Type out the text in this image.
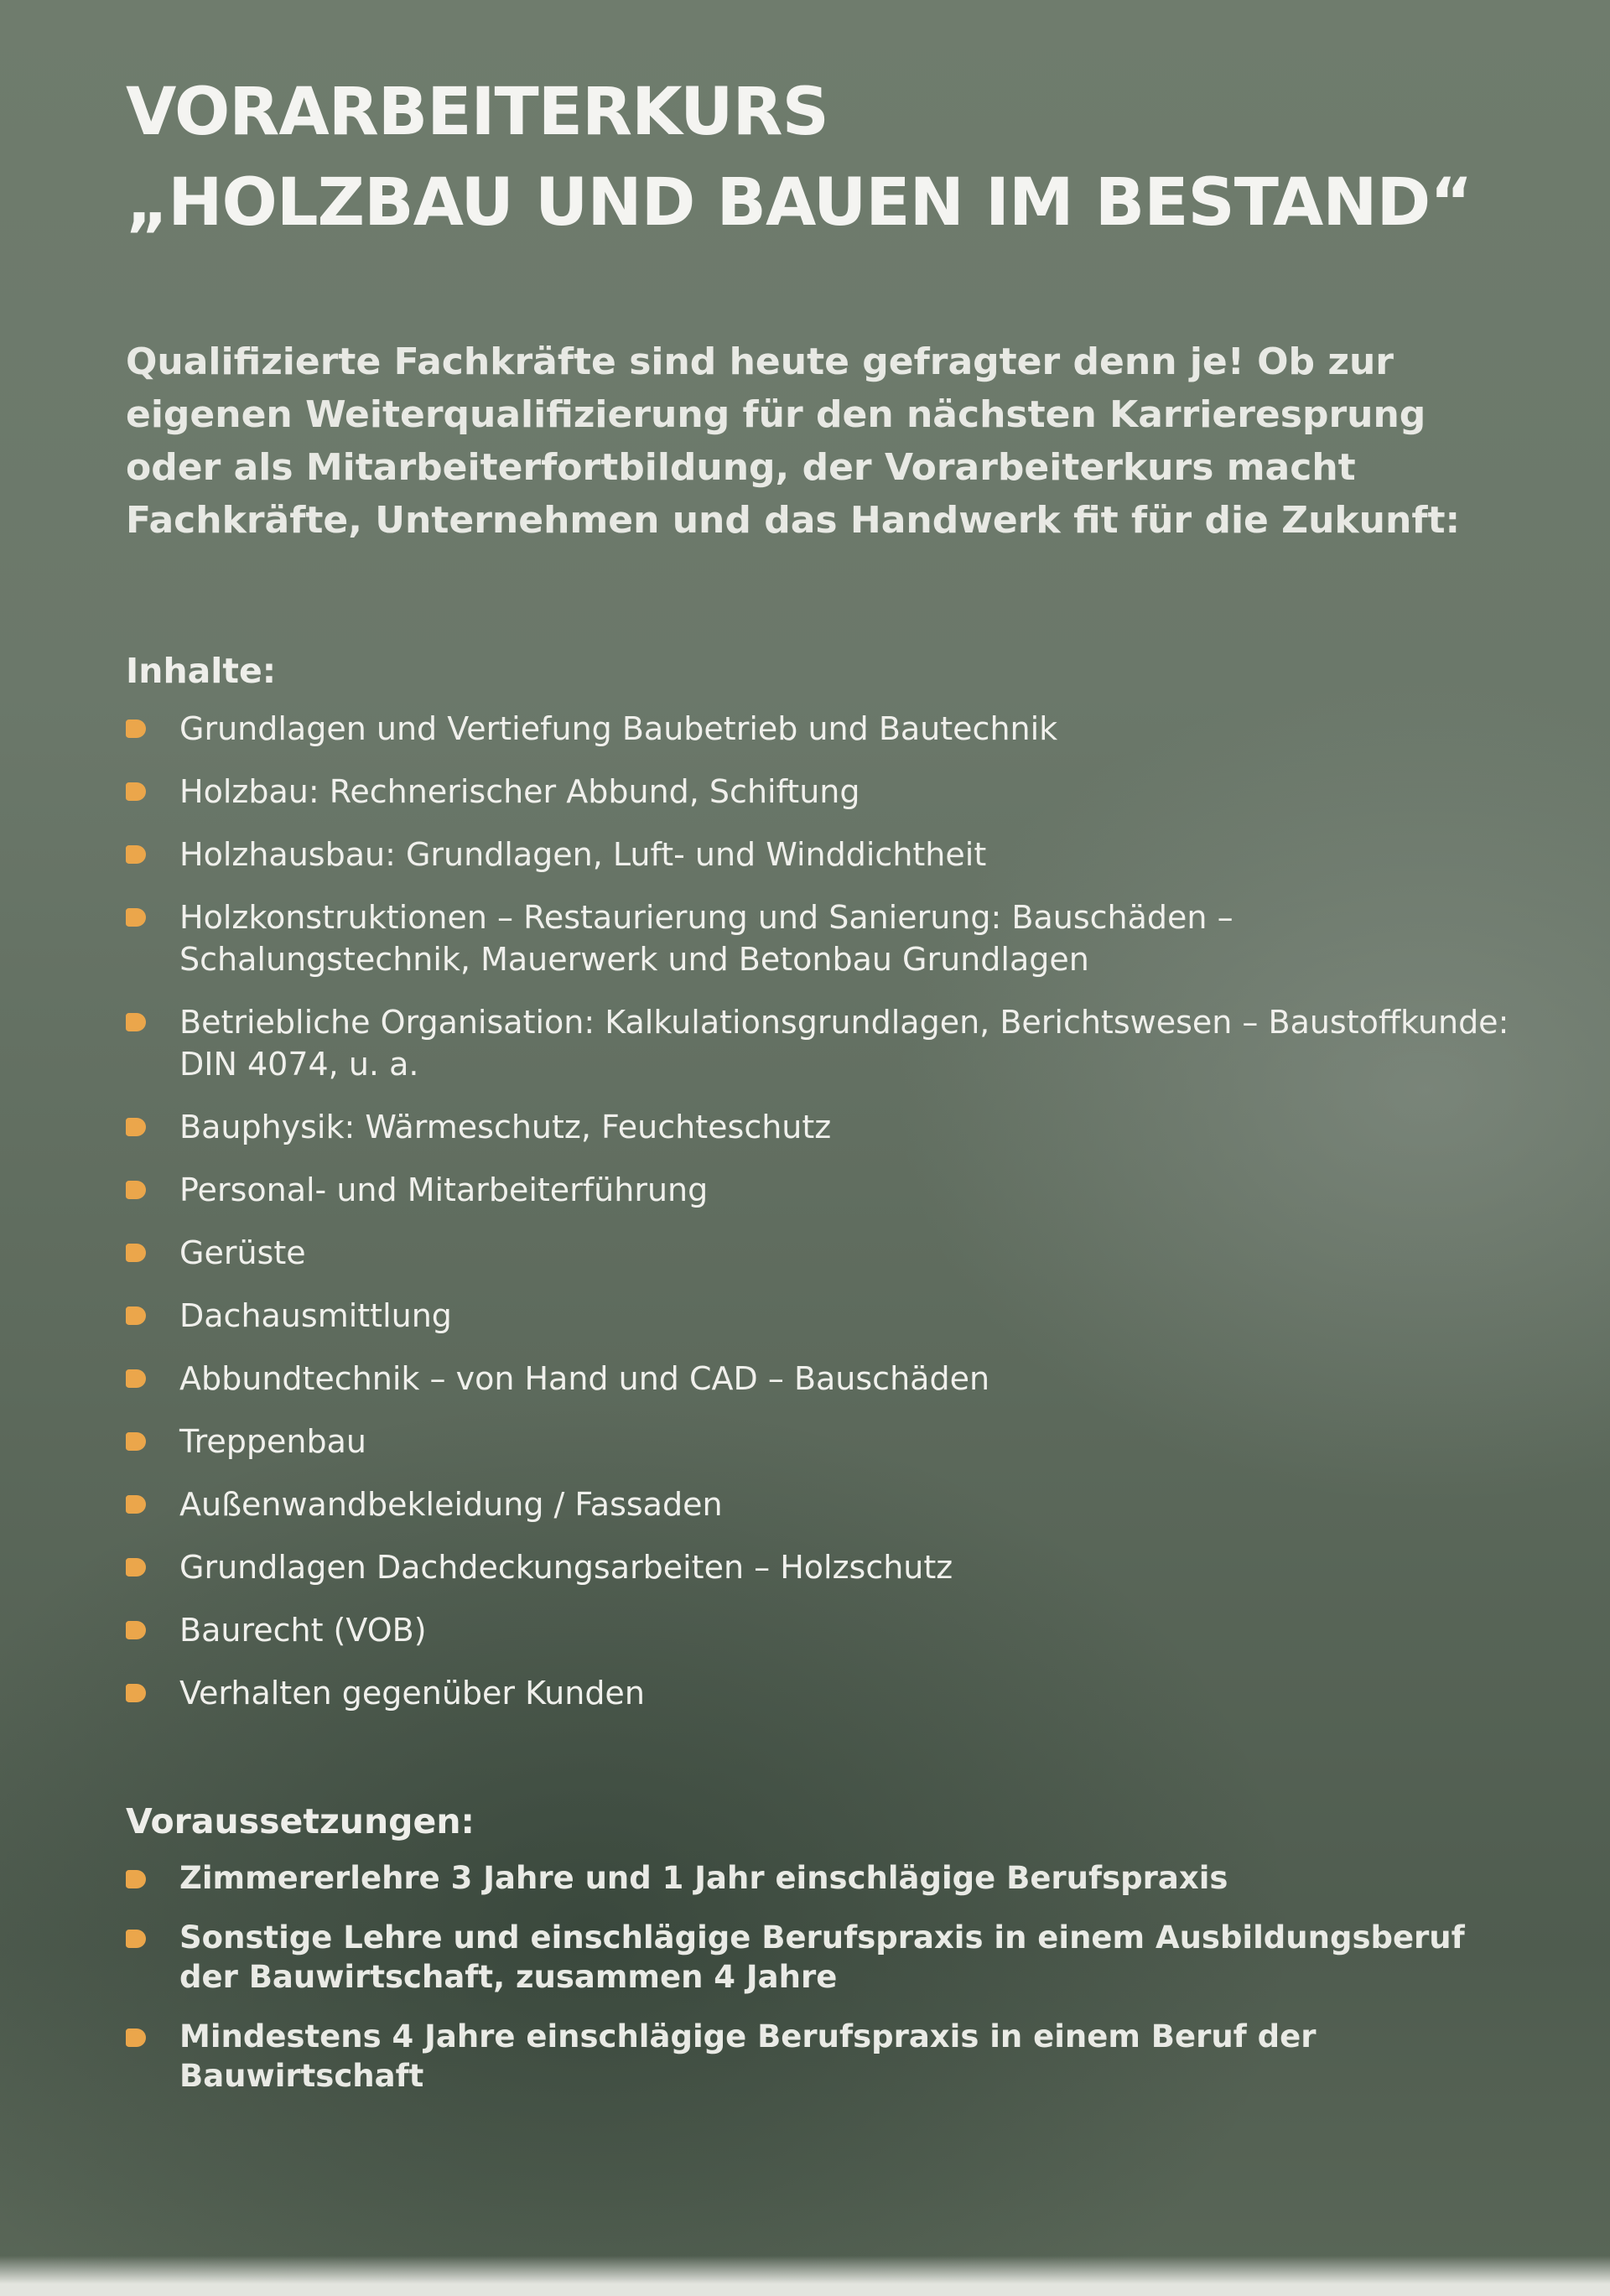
VORARBEITERKURS
„HOLZBAU UND BAUEN IM BESTAND“

Qualifizierte Fachkräfte sind heute gefragter denn je! Ob zur eigenen Weiterqualifizierung für den nächsten Karrieresprung oder als Mitarbeiterfortbildung, der Vorarbeiterkurs macht Fachkräfte, Unternehmen und das Handwerk fit für die Zukunft:

Inhalte:
Grundlagen und Vertiefung Baubetrieb und Bautechnik
Holzbau: Rechnerischer Abbund, Schiftung
Holzhausbau: Grundlagen, Luft- und Winddichtheit
Holzkonstruktionen – Restaurierung und Sanierung: Bauschäden – Schalungstechnik, Mauerwerk und Betonbau Grundlagen
Betriebliche Organisation: Kalkulationsgrundlagen, Berichtswesen – Baustoffkunde: DIN 4074, u. a.
Bauphysik: Wärmeschutz, Feuchteschutz
Personal- und Mitarbeiterführung
Gerüste
Dachausmittlung
Abbundtechnik – von Hand und CAD – Bauschäden
Treppenbau
Außenwandbekleidung / Fassaden
Grundlagen Dachdeckungsarbeiten – Holzschutz
Baurecht (VOB)
Verhalten gegenüber Kunden
Voraussetzungen:
Zimmererlehre 3 Jahre und 1 Jahr einschlägige Berufspraxis
Sonstige Lehre und einschlägige Berufspraxis in einem Ausbildungsberuf der Bauwirtschaft, zusammen 4 Jahre
Mindestens 4 Jahre einschlägige Berufspraxis in einem Beruf der Bauwirtschaft
